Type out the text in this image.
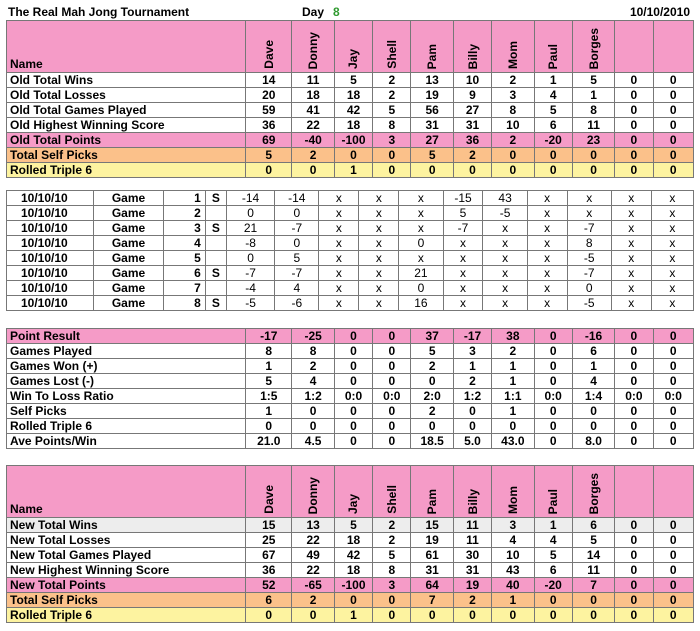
The Real Mah Jong Tournament	Day 8	10/10/2010
Name	Dave	Donny	Jay	Shell	Pam	Billy	Mom	Paul	Borges		
Old Total Wins	14	11	5	2	13	10	2	1	5	0	0
Old Total Losses	20	18	18	2	19	9	3	4	1	0	0
Old Total Games Played	59	41	42	5	56	27	8	5	8	0	0
Old Highest Winning Score	36	22	18	8	31	31	10	6	11	0	0
Old Total Points	69	-40	-100	3	27	36	2	-20	23	0	0
Total Self Picks	5	2	0	0	5	2	0	0	0	0	0
Rolled Triple 6	0	0	1	0	0	0	0	0	0	0	0
10/10/10	Game	1	S	-14	-14	x	x	x	-15	43	x	x	x	x
10/10/10	Game	2		0	0	x	x	x	5	-5	x	x	x	x
10/10/10	Game	3	S	21	-7	x	x	x	-7	x	x	-7	x	x
10/10/10	Game	4		-8	0	x	x	0	x	x	x	8	x	x
10/10/10	Game	5		0	5	x	x	x	x	x	x	-5	x	x
10/10/10	Game	6	S	-7	-7	x	x	21	x	x	x	-7	x	x
10/10/10	Game	7		-4	4	x	x	0	x	x	x	0	x	x
10/10/10	Game	8	S	-5	-6	x	x	16	x	x	x	-5	x	x
Point Result	-17	-25	0	0	37	-17	38	0	-16	0	0
Games Played	8	8	0	0	5	3	2	0	6	0	0
Games Won (+)	1	2	0	0	2	1	1	0	1	0	0
Games Lost (-)	5	4	0	0	0	2	1	0	4	0	0
Win To Loss Ratio	1:5	1:2	0:0	0:0	2:0	1:2	1:1	0:0	1:4	0:0	0:0
Self Picks	1	0	0	0	2	0	1	0	0	0	0
Rolled Triple 6	0	0	0	0	0	0	0	0	0	0	0
Ave Points/Win	21.0	4.5	0	0	18.5	5.0	43.0	0	8.0	0	0
Name	Dave	Donny	Jay	Shell	Pam	Billy	Mom	Paul	Borges		
New Total Wins	15	13	5	2	15	11	3	1	6	0	0
New Total Losses	25	22	18	2	19	11	4	4	5	0	0
New Total Games Played	67	49	42	5	61	30	10	5	14	0	0
New Highest Winning Score	36	22	18	8	31	31	43	6	11	0	0
New Total Points	52	-65	-100	3	64	19	40	-20	7	0	0
Total Self Picks	6	2	0	0	7	2	1	0	0	0	0
Rolled Triple 6	0	0	1	0	0	0	0	0	0	0	0
